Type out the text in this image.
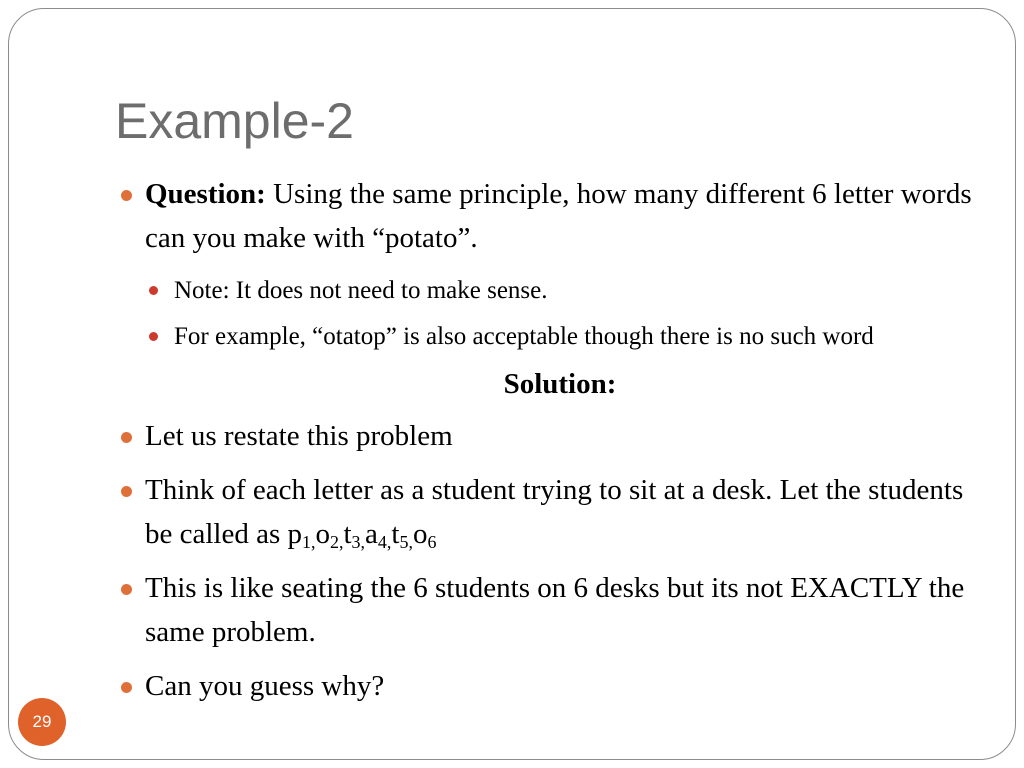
Example-2
Question: Using the same principle, how many different 6 letter words can you make with “potato”.
Note: It does not need to make sense.
For example, “otatop” is also acceptable though there is no such word
Solution:
Let us restate this problem
Think of each letter as a student trying to sit at a desk. Let the students be called as $p_{1,}o_{2,}t_{3,}a_{4,}t_{5,}o_6$
This is like seating the 6 students on 6 desks but its not EXACTLY the same problem.
Can you guess why?
29
